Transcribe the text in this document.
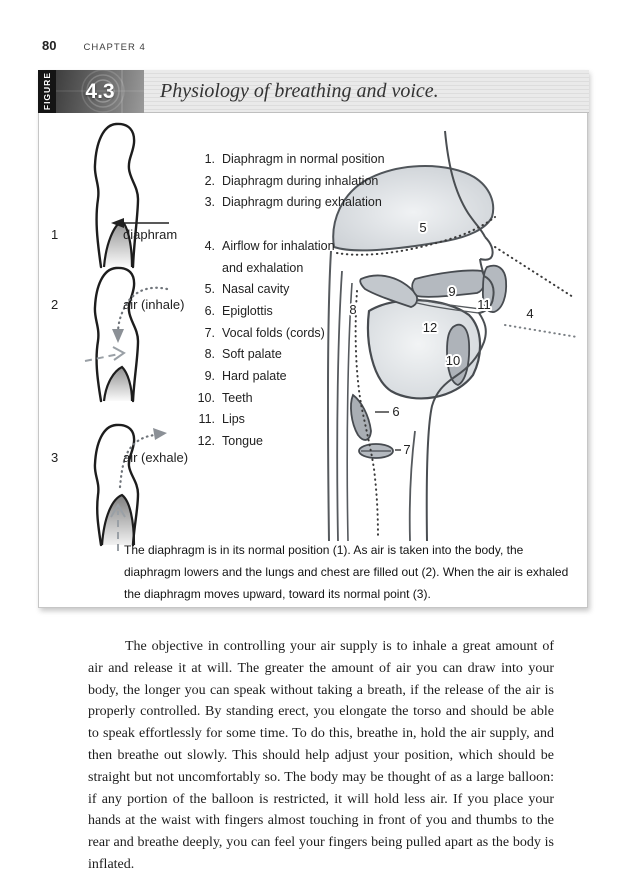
80	CHAPTER 4
FIGURE	4.3	Physiology of breathing and voice.
1	diaphram
2	air (inhale)
3	air (exhale)
5
9
11
4
8
12
10
6
7
1. Diaphragm in normal position
2. Diaphragm during inhalation
3. Diaphragm during exhalation
4. Airflow for inhalation
and exhalation
5. Nasal cavity
6. Epiglottis
7. Vocal folds (cords)
8. Soft palate
9. Hard palate
10. Teeth
11. Lips
12. Tongue
The diaphragm is in its normal position (1). As air is taken into the body, the diaphragm lowers and the lungs and chest are filled out (2). When the air is exhaled the diaphragm moves upward, toward its normal point (3).

The objective in controlling your air supply is to inhale a great amount of air and release it at will. The greater the amount of air you can draw into your body, the longer you can speak without taking a breath, if the release of the air is properly controlled. By standing erect, you elongate the torso and should be able to speak effortlessly for some time. To do this, breathe in, hold the air supply, and then breathe out slowly. This should help adjust your position, which should be straight but not uncomfortably so. The body may be thought of as a large balloon: if any portion of the balloon is restricted, it will hold less air. If you place your hands at the waist with fingers almost touching in front of you and thumbs to the rear and breathe deeply, you can feel your fingers being pulled apart as the body is inflated.
